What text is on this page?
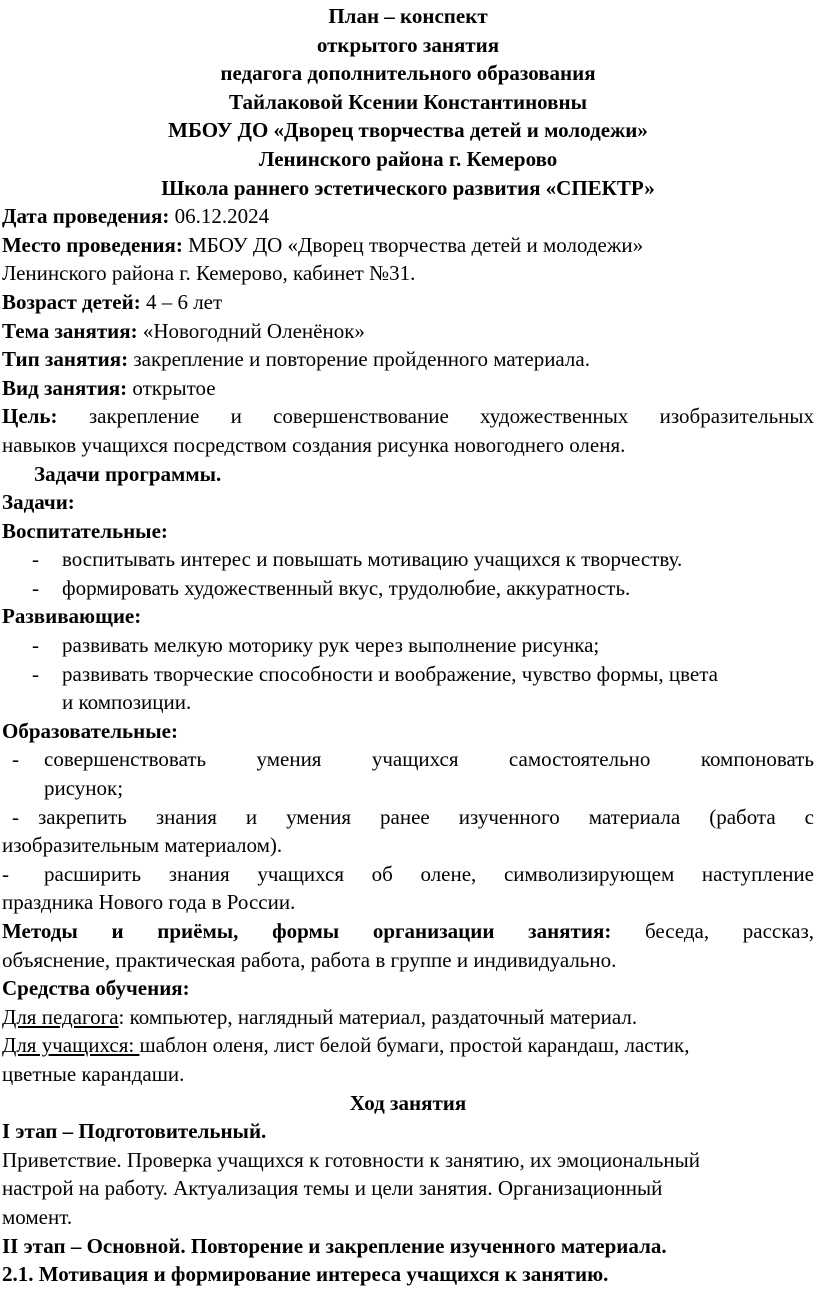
План – конспект

открытого занятия

педагога дополнительного образования

Тайлаковой Ксении Константиновны

МБОУ ДО «Дворец творчества детей и молодежи»

Ленинского района г. Кемерово

Школа раннего эстетического развития «СПЕКТР»

Дата проведения: 06.12.2024

Место проведения: МБОУ ДО «Дворец творчества детей и молодежи»

Ленинского района г. Кемерово, кабинет №31.

Возраст детей: 4 – 6 лет

Тема занятия: «Новогодний Оленёнок»

Тип занятия: закрепление и повторение пройденного материала.

Вид занятия: открытое

Цель: закрепление и совершенствование художественных изобразительных

навыков учащихся посредством создания рисунка новогоднего оленя.

Задачи программы.

Задачи:

Воспитательные:

- воспитывать интерес и повышать мотивацию учащихся к творчеству.

- формировать художественный вкус, трудолюбие, аккуратность.

Развивающие:

- развивать мелкую моторику рук через выполнение рисунка;

- развивать творческие способности и воображение, чувство формы, цвета

и композиции.

Образовательные:

- совершенствовать умения учащихся самостоятельно компоновать

рисунок;

- закрепить знания и умения ранее изученного материала (работа с

изобразительным материалом).

- расширить знания учащихся об олене, символизирующем наступление

праздника Нового года в России.

Методы и приёмы, формы организации занятия: беседа, рассказ,

объяснение, практическая работа, работа в группе и индивидуально.

Средства обучения:

Для педагога: компьютер, наглядный материал, раздаточный материал.

Для учащихся: шаблон оленя, лист белой бумаги, простой карандаш, ластик,

цветные карандаши.

Ход занятия

I этап – Подготовительный.

Приветствие. Проверка учащихся к готовности к занятию, их эмоциональный

настрой на работу. Актуализация темы и цели занятия. Организационный

момент.

II этап – Основной. Повторение и закрепление изученного материала.

2.1. Мотивация и формирование интереса учащихся к занятию.
